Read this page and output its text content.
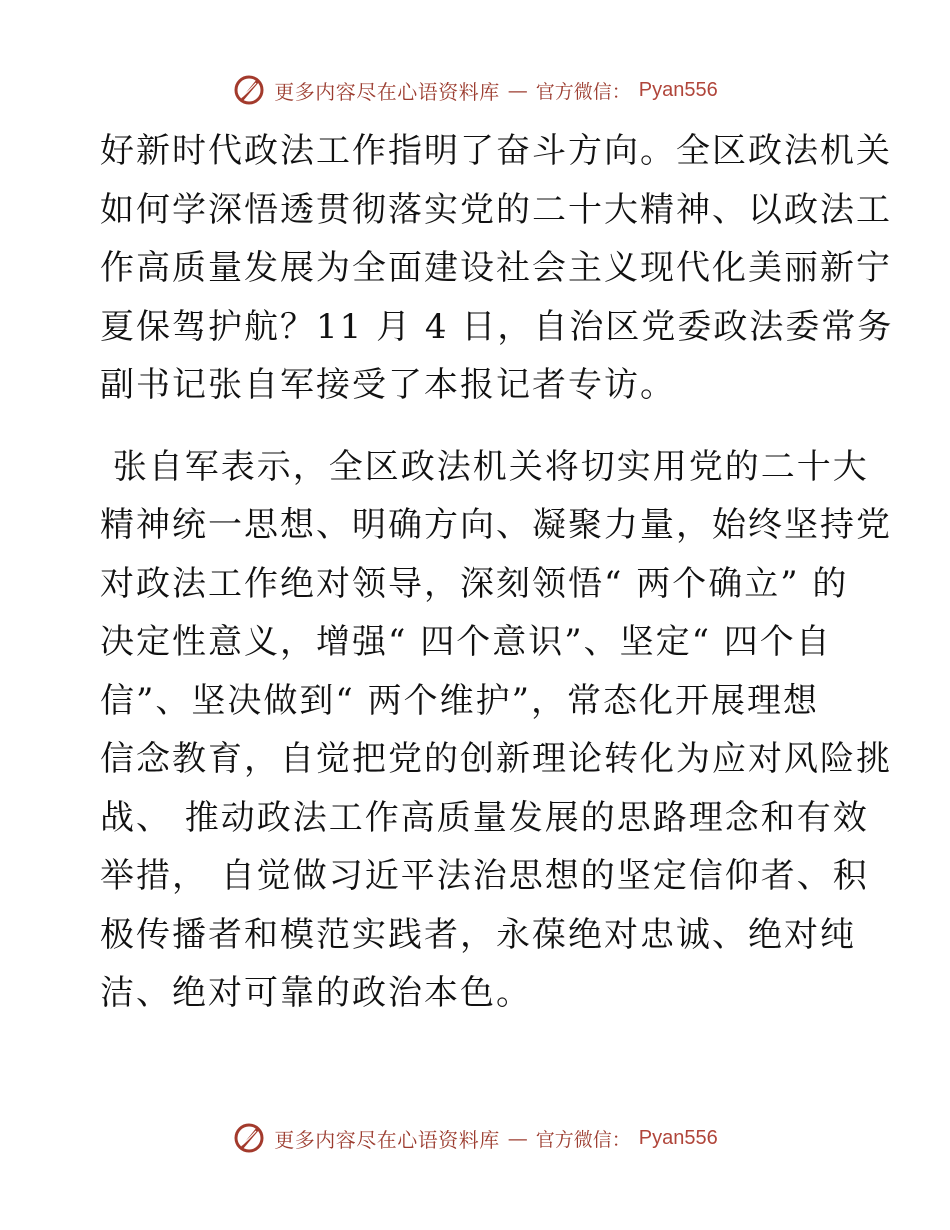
更多内容尽在心语资料库 — 官方微信： Pyan556

好新时代政法工作指明了奋斗方向。全区政法机关

如何学深悟透贯彻落实党的二十大精神、以政法工

作高质量发展为全面建设社会主义现代化美丽新宁

夏保驾护航？11 月 4 日，自治区党委政法委常务

副书记张自军接受了本报记者专访。

张自军表示，全区政法机关将切实用党的二十大

精神统一思想、明确方向、凝聚力量，始终坚持党

对政法工作绝对领导，深刻领悟“ 两个确立” 的

决定性意义，增强“ 四个意识”、坚定“ 四个自

信”、坚决做到“ 两个维护”，常态化开展理想

信念教育，自觉把党的创新理论转化为应对风险挑

战、 推动政法工作高质量发展的思路理念和有效

举措， 自觉做习近平法治思想的坚定信仰者、积

极传播者和模范实践者，永葆绝对忠诚、绝对纯

洁、绝对可靠的政治本色。

更多内容尽在心语资料库 — 官方微信： Pyan556
